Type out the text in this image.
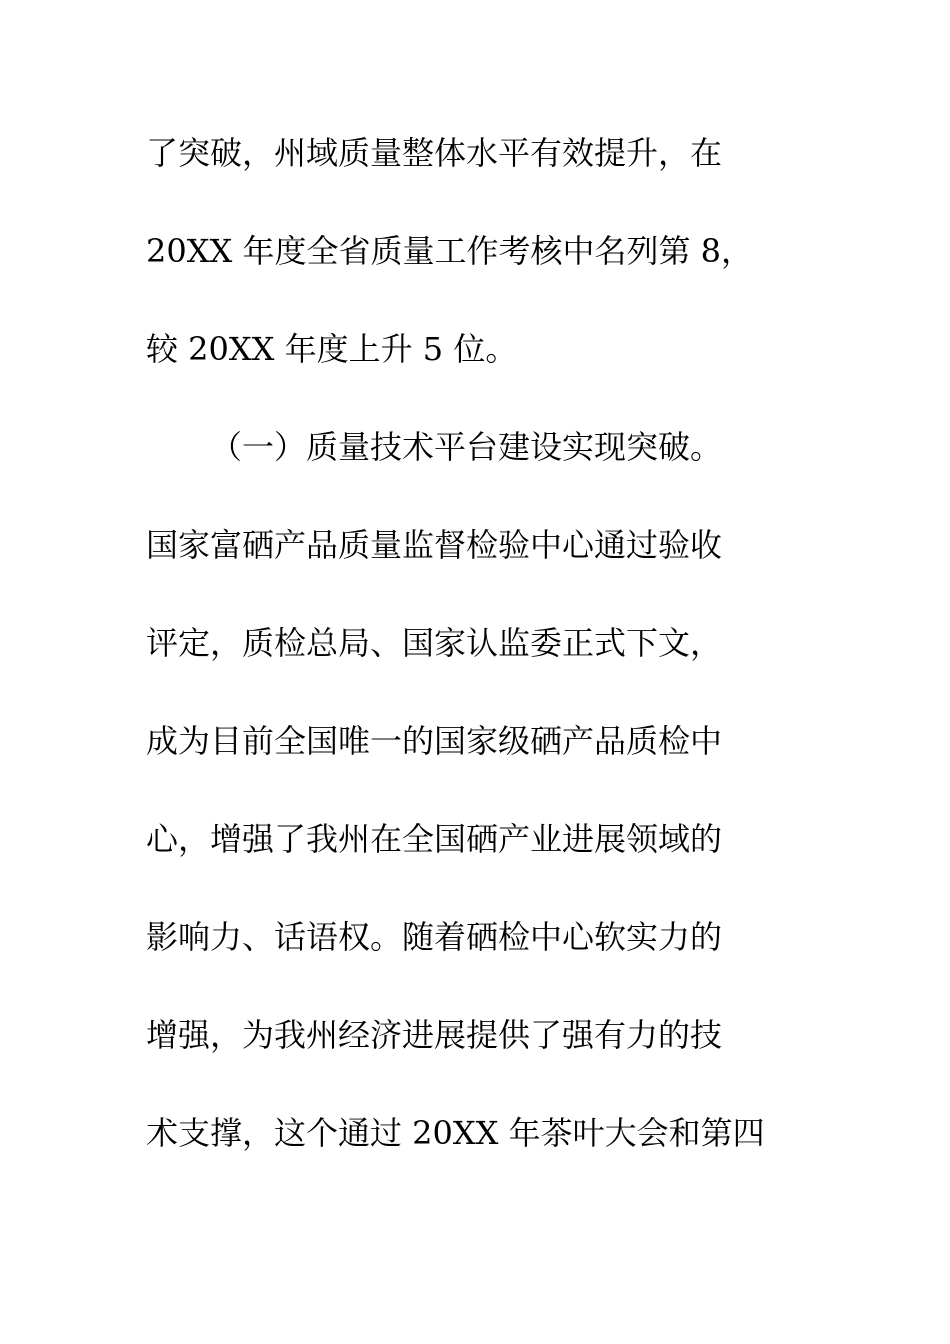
了突破，州域质量整体水平有效提升，在
20XX 年度全省质量工作考核中名列第 8，
较 20XX 年度上升 5 位。
（一）质量技术平台建设实现突破。
国家富硒产品质量监督检验中心通过验收
评定，质检总局、国家认监委正式下文，
成为目前全国唯一的国家级硒产品质检中
心，增强了我州在全国硒产业进展领域的
影响力、话语权。随着硒检中心软实力的
增强，为我州经济进展提供了强有力的技
术支撑，这个通过 20XX 年茶叶大会和第四
